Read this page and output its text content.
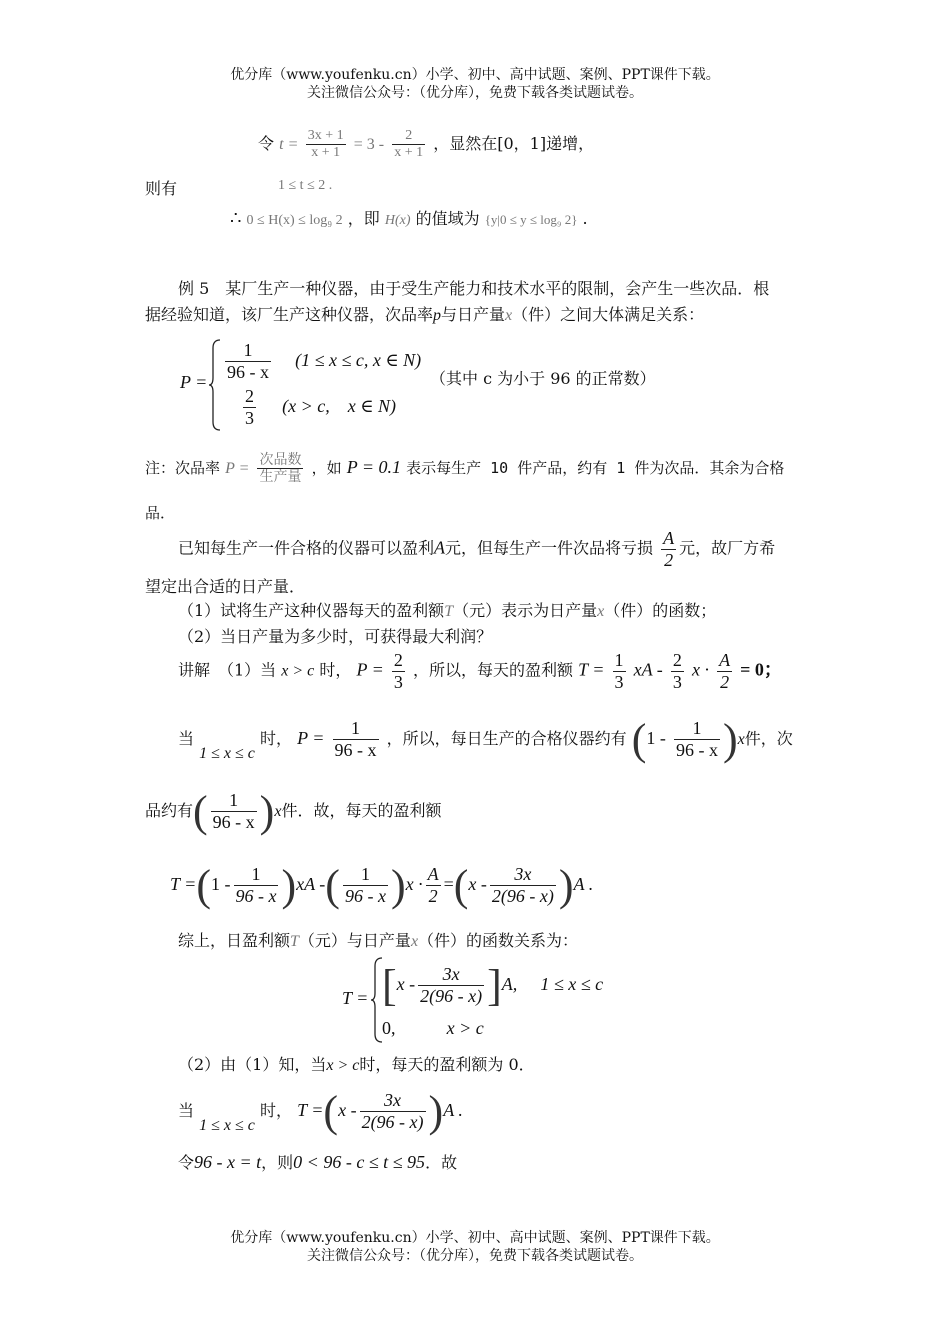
优分库（www.youfenku.cn）小学、初中、高中试题、案例、PPT课件下载。
关注微信公众号：（优分库），免费下载各类试题试卷。
令 $t = \frac{3x + 1}{x + 1} = 3 - \frac{2}{x + 1}$ ，显然在[0，1]递增，
则有	1 ≤ t ≤ 2 .
∴ 0 ≤ H(x) ≤ log₉ 2 ，即 H(x) 的值域为 {y|0 ≤ y ≤ log₉ 2} .
例 5　某厂生产一种仪器，由于受生产能力和技术水平的限制，会产生一些次品．根
据经验知道，该厂生产这种仪器，次品率p与日产量x（件）之间大体满足关系：
$P = \frac{1}{96 - x} (1 \le x \le c$, x ∈ N)
（其中 c 为小于 96 的正常数）
$\frac{2}{3} (x > c$,　x ∈ N)
注：次品率 $P = \frac{\text{次品数}}{\text{生产量}}$ ，如 P = 0.1 表示每生产 10 件产品，约有 1 件为次品．其余为合格
品．
已知每生产一件合格的仪器可以盈利A元，但每生产一件次品将亏损 $\frac{A}{2}$ 元，故厂方希
望定出合适的日产量．
（1）试将生产这种仪器每天的盈利额T（元）表示为日产量x（件）的函数；
（2）当日产量为多少时，可获得最大利润？
讲解　（1）当 x > c 时， $P = \frac{2}{3}$ ，所以，每天的盈利额 $T = \frac{1}{3}$ xA - $\frac{2}{3}$ $x \cdot \frac{A}{2} = 0$；
当 1 ≤ x ≤ c 时， $P = \frac{1}{96 - x}$ ，所以，每日生产的合格仪器约有 $(1 - \frac{1}{96 - x} )x$件，次
品约有( $\frac{1}{96 - x} )x$件．故，每天的盈利额
$T =(1 - \frac{1}{96 - x} )xA$ -( $\frac{1}{96 - x} )x \cdot \frac{A}{2} =(x - \frac{3x}{2(96 - x)} )A$ .
综上，日盈利额T（元）与日产量x（件）的函数关系为：
$T = [x - \frac{3x}{2(96 - x)} ]A$, 1 ≤ x ≤ c
0,	x > c
（2）由（1）知，当x > c时，每天的盈利额为 0．
当 1 ≤ x ≤ c 时， $T =(x - \frac{3x}{2(96 - x)} )A$ .
令96 - x = t，则0 < 96 - c ≤ t ≤ 95．故
优分库（www.youfenku.cn）小学、初中、高中试题、案例、PPT课件下载。
关注微信公众号：（优分库），免费下载各类试题试卷。
